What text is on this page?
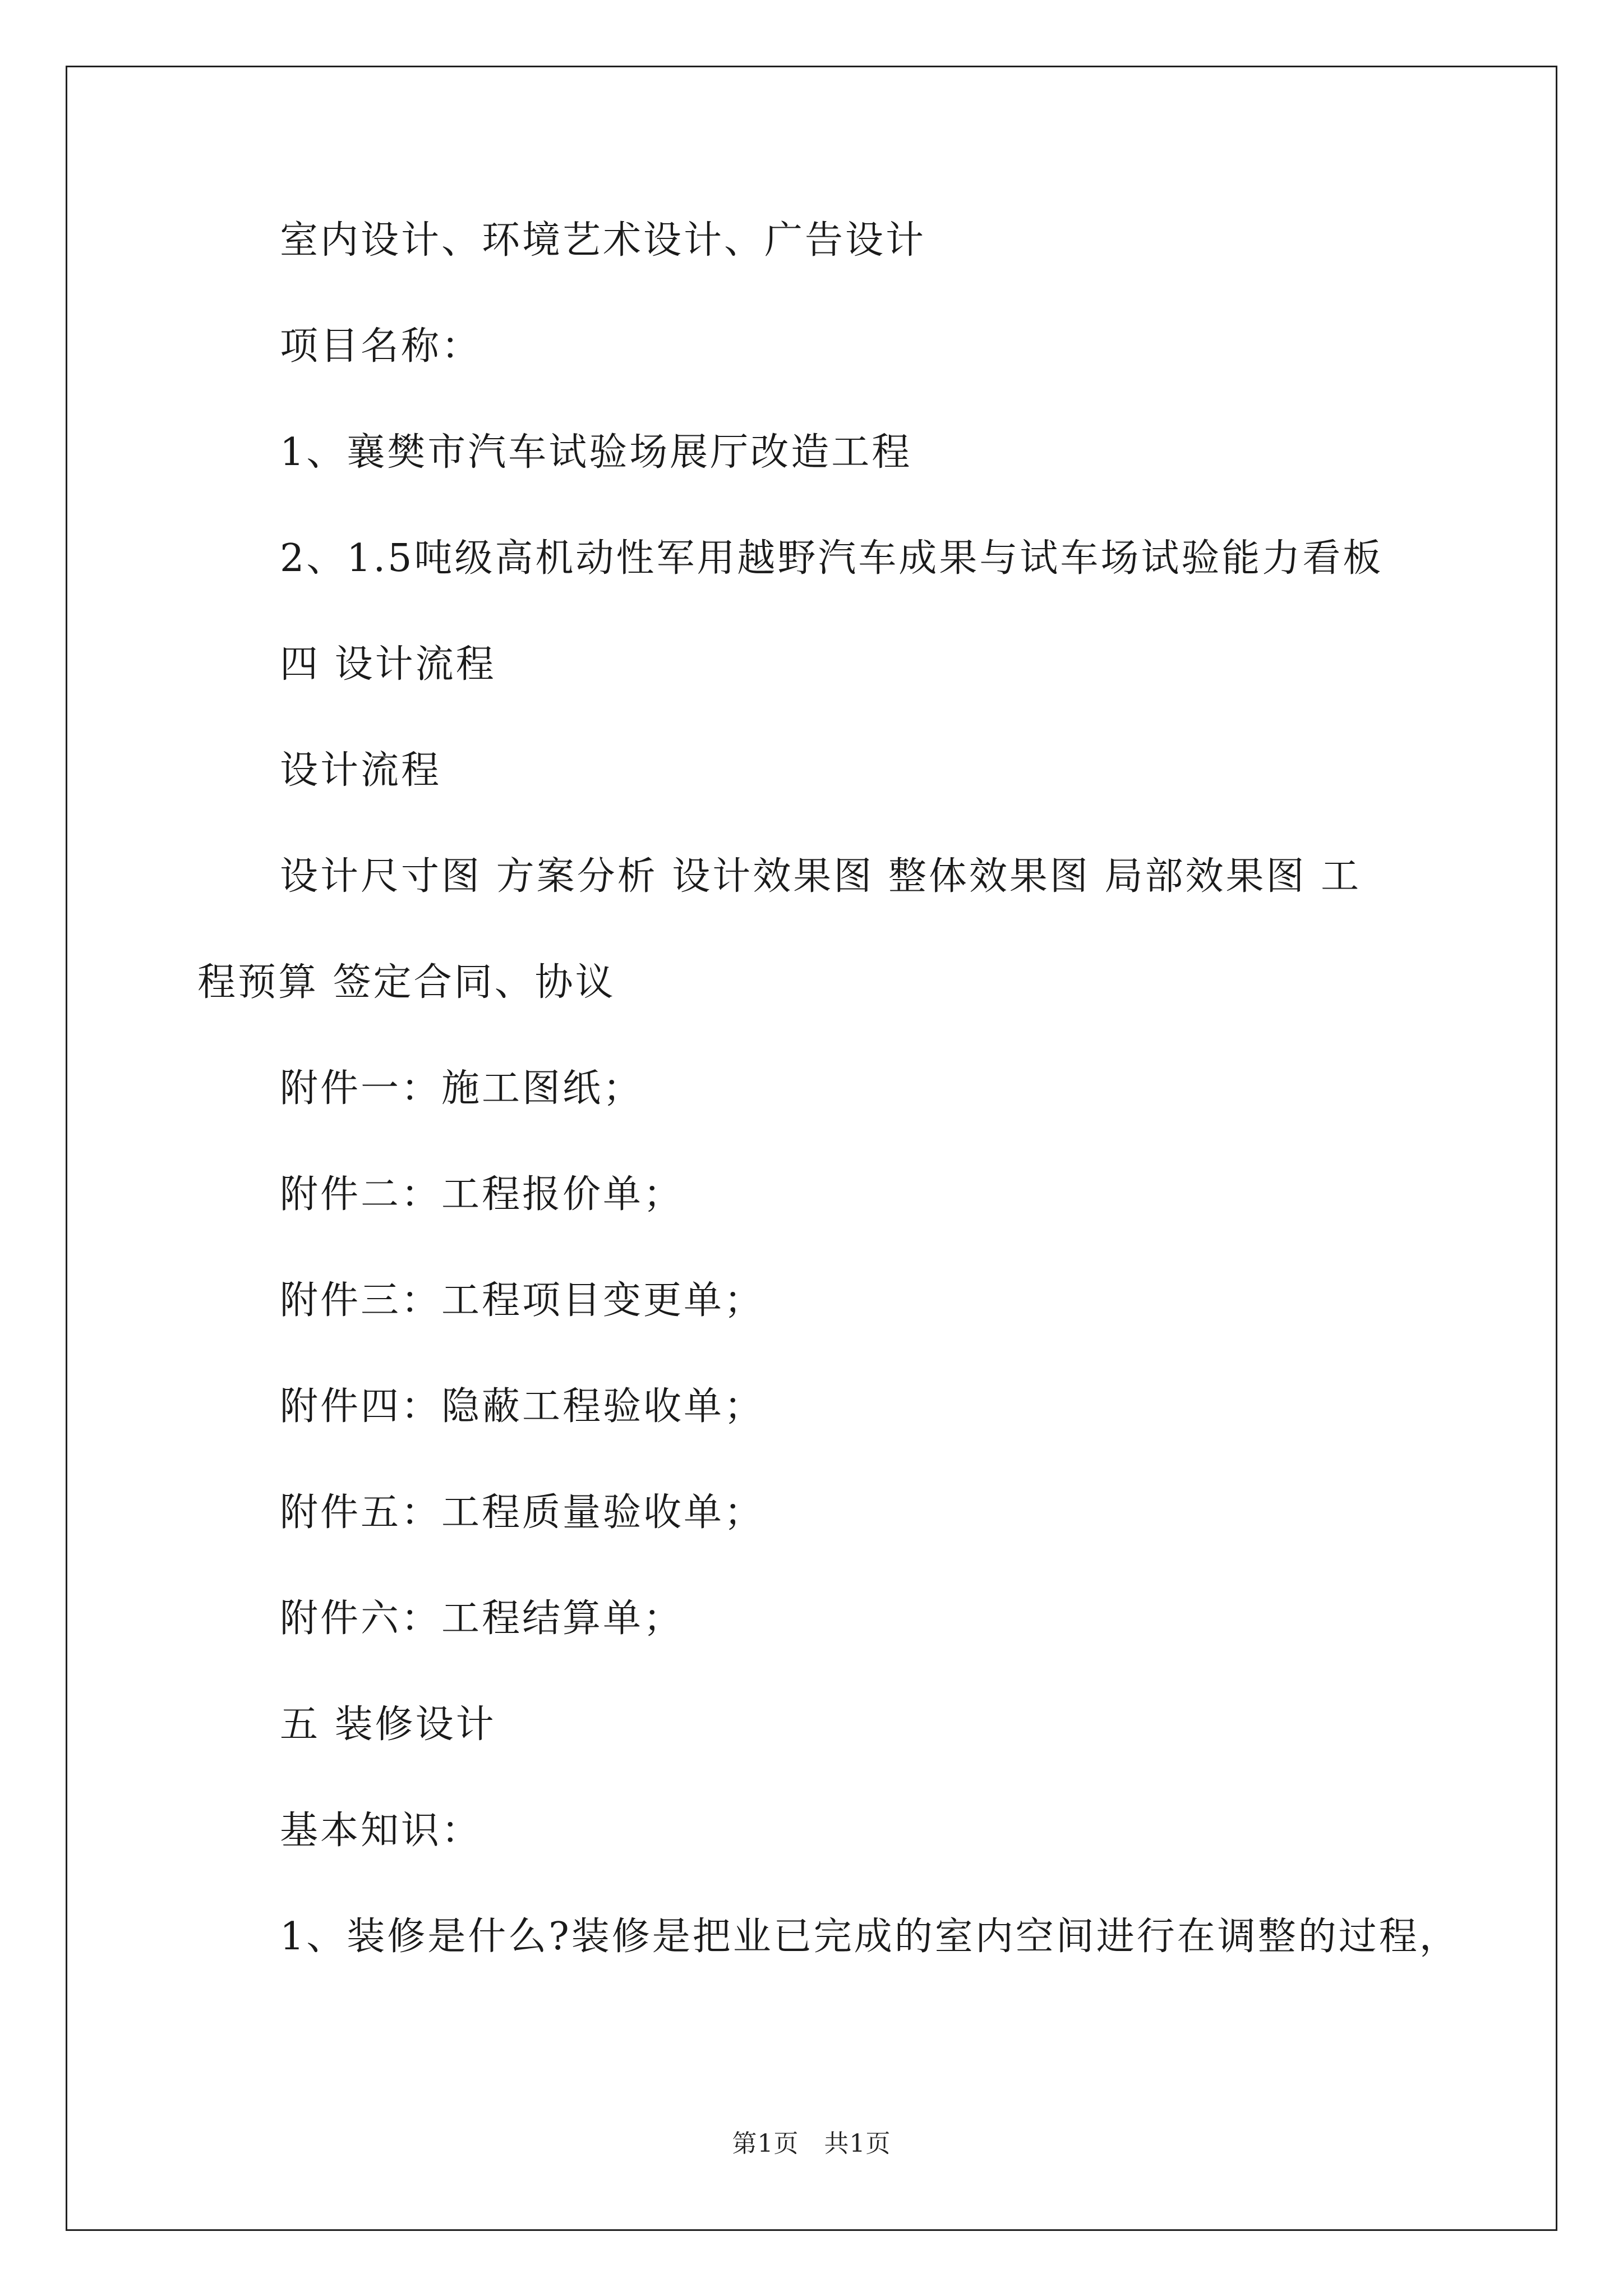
室内设计、环境艺术设计、广告设计
项目名称：
1、襄樊市汽车试验场展厅改造工程
2、1.5吨级高机动性军用越野汽车成果与试车场试验能力看板
四 设计流程
设计流程
设计尺寸图 方案分析 设计效果图 整体效果图 局部效果图 工
程预算 签定合同、协议
附件一：施工图纸；
附件二：工程报价单；
附件三：工程项目变更单；
附件四：隐蔽工程验收单；
附件五：工程质量验收单；
附件六：工程结算单；
五 装修设计
基本知识：
1、装修是什么?装修是把业已完成的室内空间进行在调整的过程，
第1页 共1页
